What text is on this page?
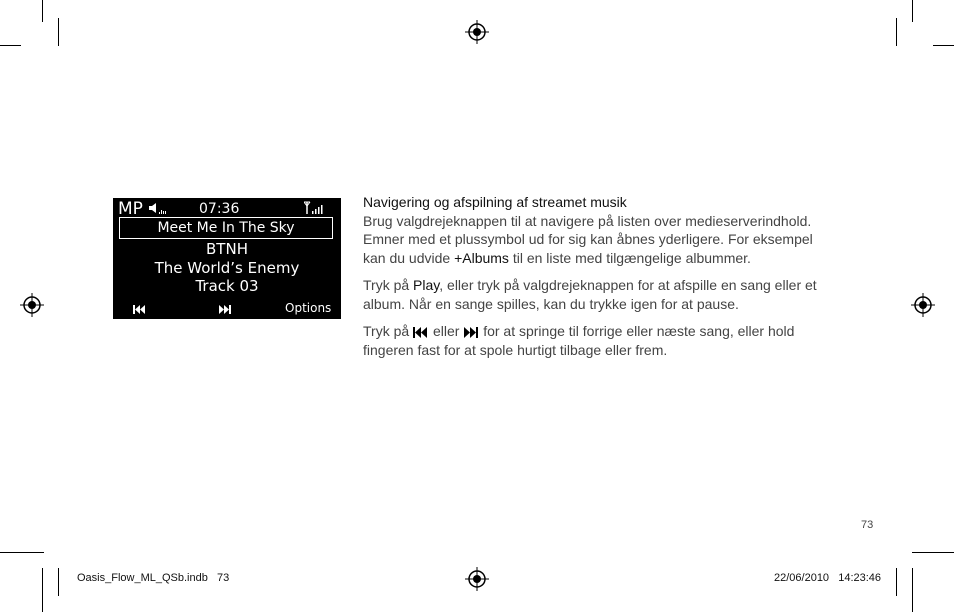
MP	07:36
Meet Me In The Sky
BTNH
The World’s Enemy
Track 03
Options

Navigering og afspilning af streamet musik

Brug valgdrejeknappen til at navigere på listen over medieserverindhold. Emner med et plussymbol ud for sig kan åbnes yderligere. For eksempel kan du udvide +Albums til en liste med tilgængelige albummer.

Tryk på Play, eller tryk på valgdrejeknappen for at afspille en sang eller et album. Når en sange spilles, kan du trykke igen for at pause.

Tryk på eller for at springe til forrige eller næste sang, eller hold fingeren fast for at spole hurtigt tilbage eller frem.

73
Oasis_Flow_ML_QSb.indb   73	22/06/2010   14:23:46
